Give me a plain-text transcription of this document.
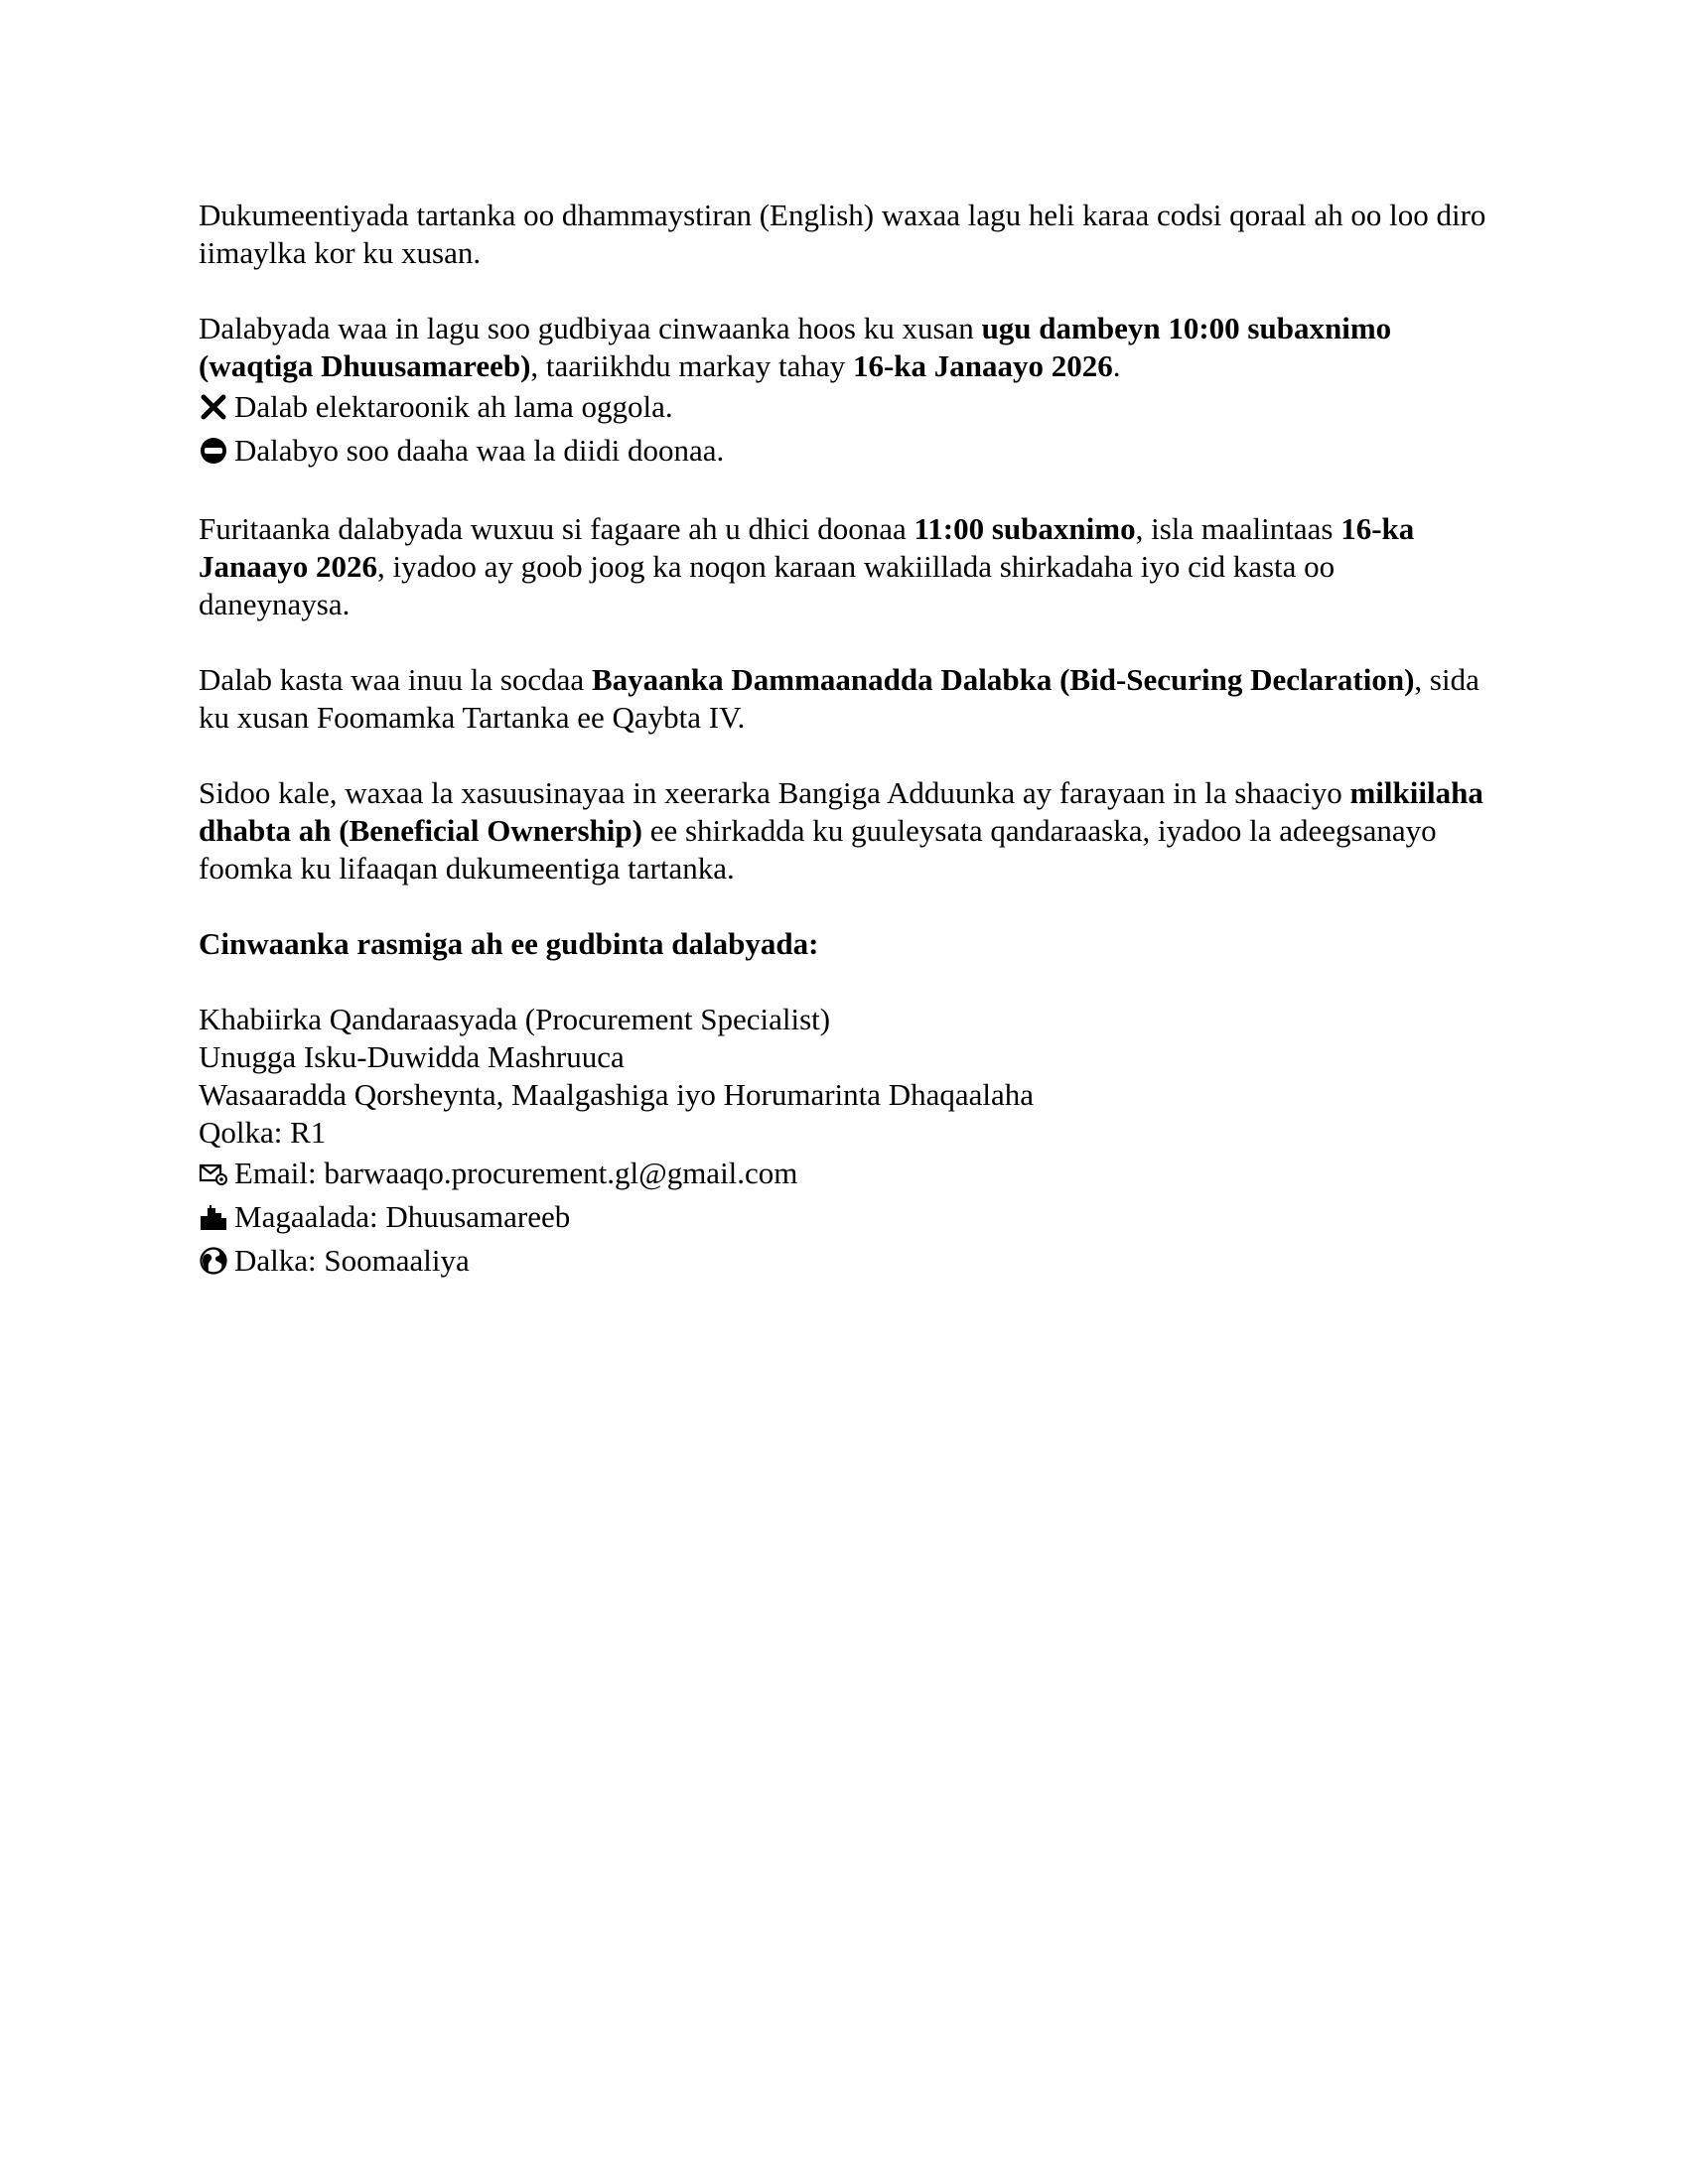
Dukumeentiyada tartanka oo dhammaystiran (English) waxaa lagu heli karaa codsi qoraal ah oo loo diro iimaylka kor ku xusan.

Dalabyada waa in lagu soo gudbiyaa cinwaanka hoos ku xusan ugu dambeyn 10:00 subaxnimo (waqtiga Dhuusamareeb), taariikhdu markay tahay 16-ka Janaayo 2026.

Dalab elektaroonik ah lama oggola.
Dalabyo soo daaha waa la diidi doonaa.

Furitaanka dalabyada wuxuu si fagaare ah u dhici doonaa 11:00 subaxnimo, isla maalintaas 16-ka Janaayo 2026, iyadoo ay goob joog ka noqon karaan wakiillada shirkadaha iyo cid kasta oo daneynaysa.

Dalab kasta waa inuu la socdaa Bayaanka Dammaanadda Dalabka (Bid-Securing Declaration), sida ku xusan Foomamka Tartanka ee Qaybta IV.

Sidoo kale, waxaa la xasuusinayaa in xeerarka Bangiga Adduunka ay farayaan in la shaaciyo milkiilaha dhabta ah (Beneficial Ownership) ee shirkadda ku guuleysata qandaraaska, iyadoo la adeegsanayo foomka ku lifaaqan dukumeentiga tartanka.

Cinwaanka rasmiga ah ee gudbinta dalabyada:

Khabiirka Qandaraasyada (Procurement Specialist)
Unugga Isku-Duwidda Mashruuca
Wasaaradda Qorsheynta, Maalgashiga iyo Horumarinta Dhaqaalaha
Qolka: R1
Email: barwaaqo.procurement.gl@gmail.com
Magaalada: Dhuusamareeb
Dalka: Soomaaliya
